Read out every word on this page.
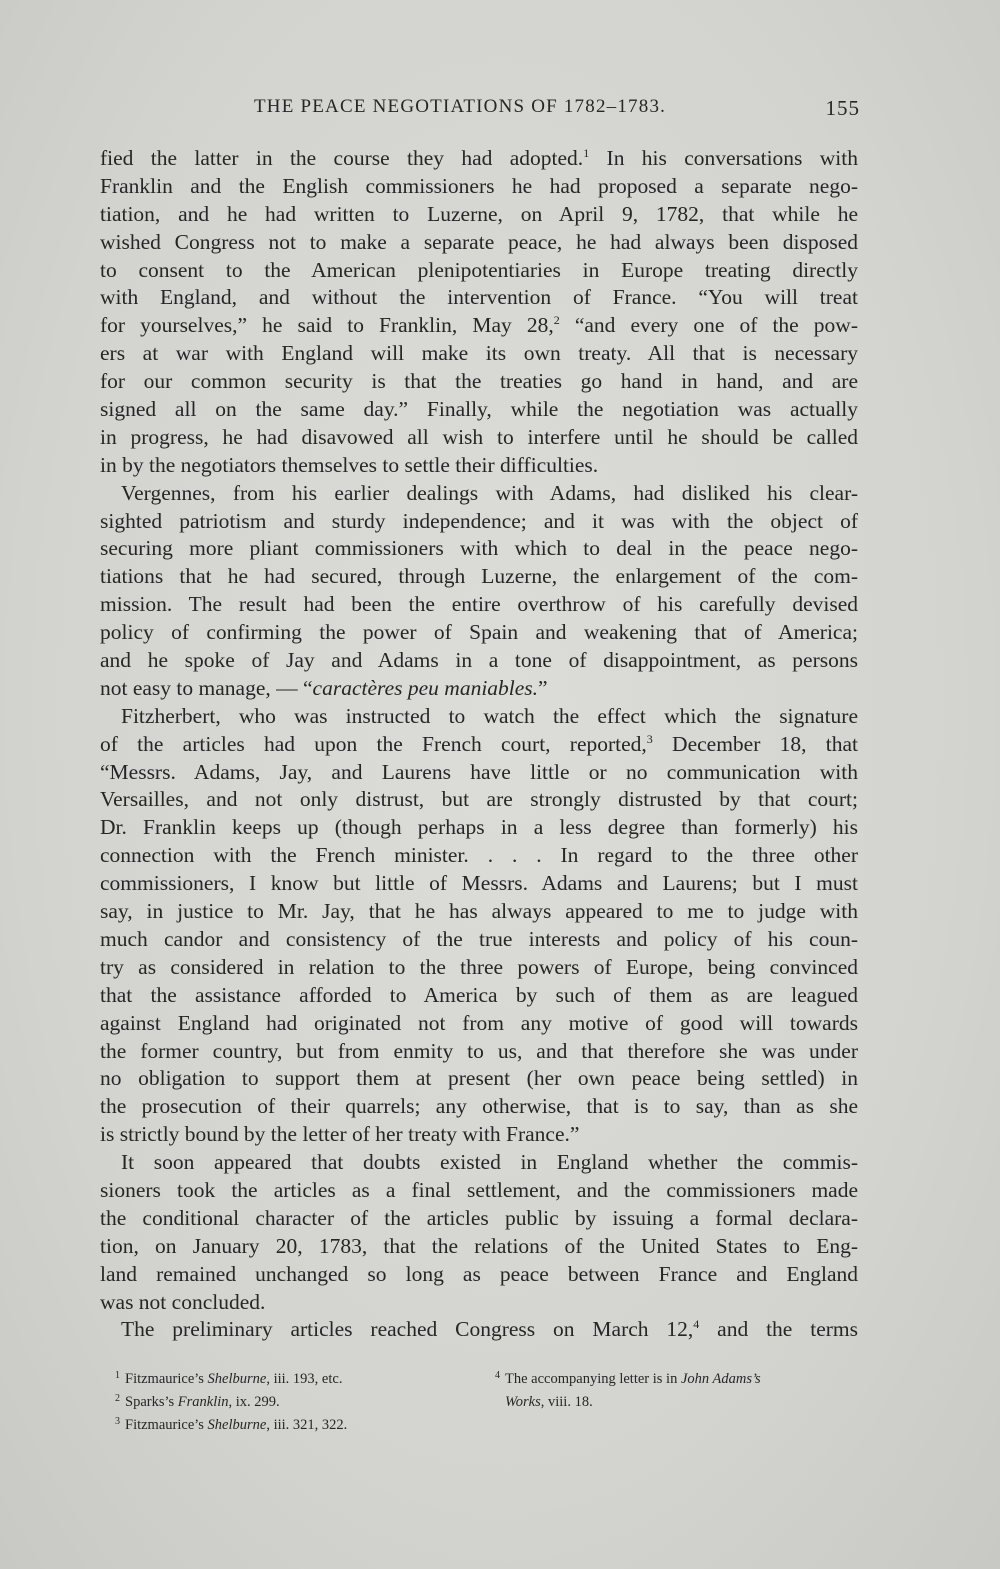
THE PEACE NEGOTIATIONS OF 1782–1783.	155
fied the latter in the course they had adopted.$^1$ In his conversations with
Franklin and the English commissioners he had proposed a separate nego-
tiation, and he had written to Luzerne, on April 9, 1782, that while he
wished Congress not to make a separate peace, he had always been disposed
to consent to the American plenipotentiaries in Europe treating directly
with England, and without the intervention of France. “You will treat
for yourselves,” he said to Franklin, May 28,$^2$ “and every one of the pow-
ers at war with England will make its own treaty. All that is necessary
for our common security is that the treaties go hand in hand, and are
signed all on the same day.” Finally, while the negotiation was actually
in progress, he had disavowed all wish to interfere until he should be called
in by the negotiators themselves to settle their difficulties.
Vergennes, from his earlier dealings with Adams, had disliked his clear-
sighted patriotism and sturdy independence; and it was with the object of
securing more pliant commissioners with which to deal in the peace nego-
tiations that he had secured, through Luzerne, the enlargement of the com-
mission. The result had been the entire overthrow of his carefully devised
policy of confirming the power of Spain and weakening that of America;
and he spoke of Jay and Adams in a tone of disappointment, as persons
not easy to manage, — “caractères peu maniables.”
Fitzherbert, who was instructed to watch the effect which the signature
of the articles had upon the French court, reported,$^3$ December 18, that
“Messrs. Adams, Jay, and Laurens have little or no communication with
Versailles, and not only distrust, but are strongly distrusted by that court;
Dr. Franklin keeps up (though perhaps in a less degree than formerly) his
connection with the French minister. . . . In regard to the three other
commissioners, I know but little of Messrs. Adams and Laurens; but I must
say, in justice to Mr. Jay, that he has always appeared to me to judge with
much candor and consistency of the true interests and policy of his coun-
try as considered in relation to the three powers of Europe, being convinced
that the assistance afforded to America by such of them as are leagued
against England had originated not from any motive of good will towards
the former country, but from enmity to us, and that therefore she was under
no obligation to support them at present (her own peace being settled) in
the prosecution of their quarrels; any otherwise, that is to say, than as she
is strictly bound by the letter of her treaty with France.”
It soon appeared that doubts existed in England whether the commis-
sioners took the articles as a final settlement, and the commissioners made
the conditional character of the articles public by issuing a formal declara-
tion, on January 20, 1783, that the relations of the United States to Eng-
land remained unchanged so long as peace between France and England
was not concluded.
The preliminary articles reached Congress on March 12,$^4$ and the terms
$^1$ Fitzmaurice’s Shelburne, iii. 193, etc.
$^2$ Sparks’s Franklin, ix. 299.
$^3$ Fitzmaurice’s Shelburne, iii. 321, 322.
$^4$ The accompanying letter is in John Adams’s
Works, viii. 18.
